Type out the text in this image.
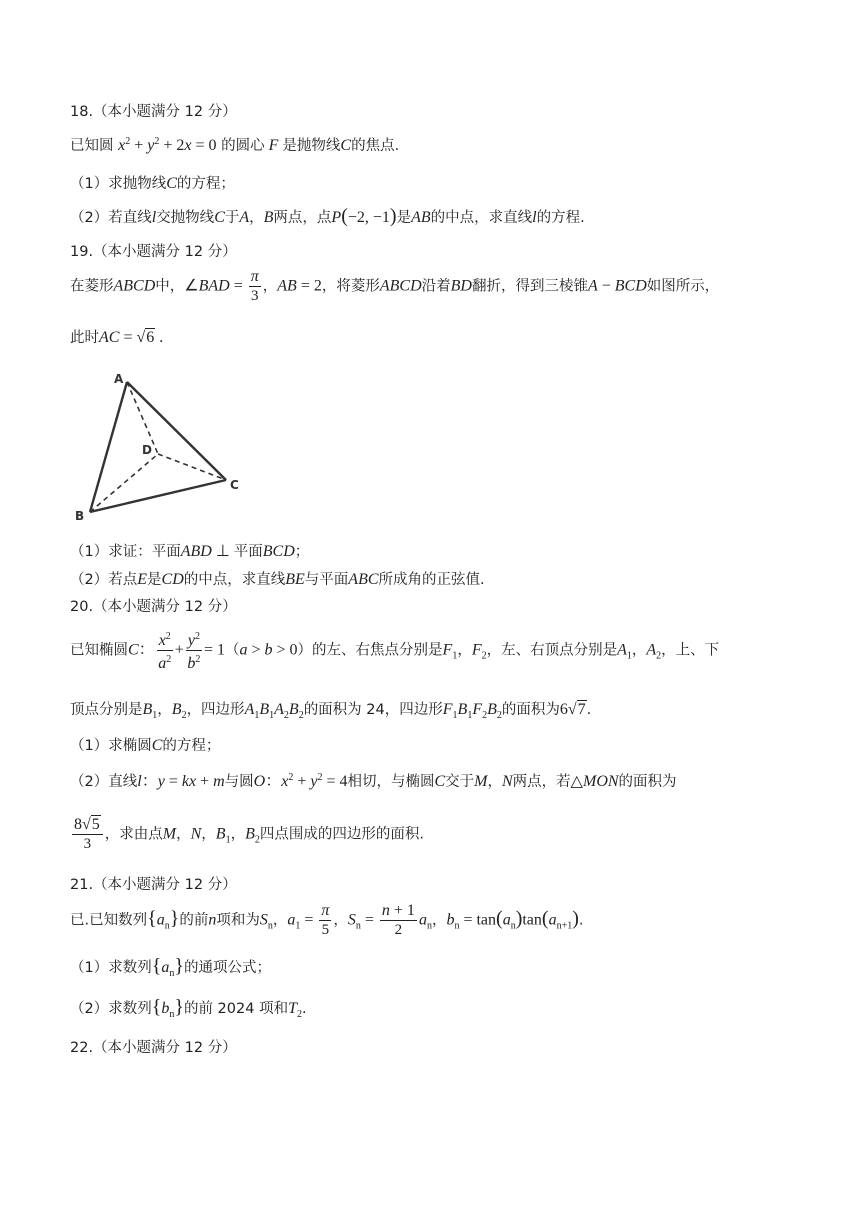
18.（本小题满分 12 分）
已知圆 $x^2 + y^2 + 2x = 0$ 的圆心 F 是抛物线C的焦点.
（1）求抛物线C的方程；
（2）若直线l交抛物线C于A，B两点，点P(−2, −1)是AB的中点，求直线l的方程.
19.（本小题满分 12 分）
在菱形ABCD中，∠BAD = $\frac{\pi}{3}$ ，AB = 2，将菱形ABCD沿着BD翻折，得到三棱锥A − BCD如图所示，
此时AC = √6 .
A
B
C
D
（1）求证：平面ABD ⊥ 平面BCD；
（2）若点E是CD的中点，求直线BE与平面ABC所成角的正弦值.
20.（本小题满分 12 分）
已知椭圆C： $\frac{x^2}{a^2} + \frac{y^2}{b^2} = 1(a > b > 0)$的左、右焦点分别是$F_1$，$F_2$，左、右顶点分别是$A_1$，$A_2$，上、下
顶点分别是$B_1$，$B_2$，四边形$A_1B_1A_2B_2$的面积为 24，四边形$F_1B_1F_2B_2$的面积为6√7.
（1）求椭圆C的方程；
（2）直线l：y = kx + m与圆O：$x^2 + y^2 = 4$相切，与椭圆C交于M，N两点，若△MON的面积为
$\frac{8√5}{3}$ ，求由点M，N，$B_1$，$B_2$四点围成的四边形的面积.
21.（本小题满分 12 分）
已.已知数列$\{a_n\}$的前n项和为$S_n$，$a_1 = \frac{\pi}{5}$ ，$S_n = \frac{n + 1}{2} a_n$，$b_n = \tan(a_n)\tan(a_{n+1})$.
（1）求数列$\{a_n\}$的通项公式；
（2）求数列$\{b_n\}$的前 2024 项和$T_2$.
22.（本小题满分 12 分）
